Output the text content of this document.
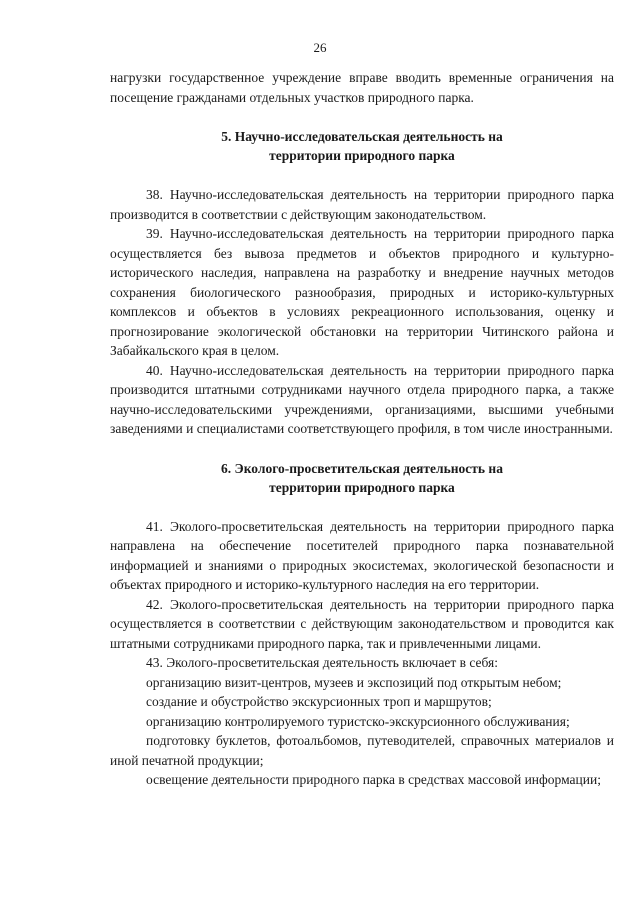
26

нагрузки государственное учреждение вправе вводить временные ограничения на посещение гражданами отдельных участков природного парка.

5. Научно-исследовательская деятельность на

территории природного парка

38. Научно-исследовательская деятельность на территории природного парка производится в соответствии с действующим законодательством.

39. Научно-исследовательская деятельность на территории природного парка осуществляется без вывоза предметов и объектов природного и культурно-исторического наследия, направлена на разработку и внедрение научных методов сохранения биологического разнообразия, природных и историко-культурных комплексов и объектов в условиях рекреационного использования, оценку и прогнозирование экологической обстановки на территории Читинского района и Забайкальского края в целом.

40. Научно-исследовательская деятельность на территории природного парка производится штатными сотрудниками научного отдела природного парка, а также научно-исследовательскими учреждениями, организациями, высшими учебными заведениями и специалистами соответствующего профиля, в том числе иностранными.

6. Эколого-просветительская деятельность на

территории природного парка

41. Эколого-просветительская деятельность на территории природного парка направлена на обеспечение посетителей природного парка познавательной информацией и знаниями о природных экосистемах, экологической безопасности и объектах природного и историко-культурного наследия на его территории.

42. Эколого-просветительская деятельность на территории природного парка осуществляется в соответствии с действующим законодательством и проводится как штатными сотрудниками природного парка, так и привлеченными лицами.

43. Эколого-просветительская деятельность включает в себя:

организацию визит-центров, музеев и экспозиций под открытым небом;

создание и обустройство экскурсионных троп и маршрутов;

организацию контролируемого туристско-экскурсионного обслуживания;

подготовку буклетов, фотоальбомов, путеводителей, справочных материалов и иной печатной продукции;

освещение деятельности природного парка в средствах массовой информации;
